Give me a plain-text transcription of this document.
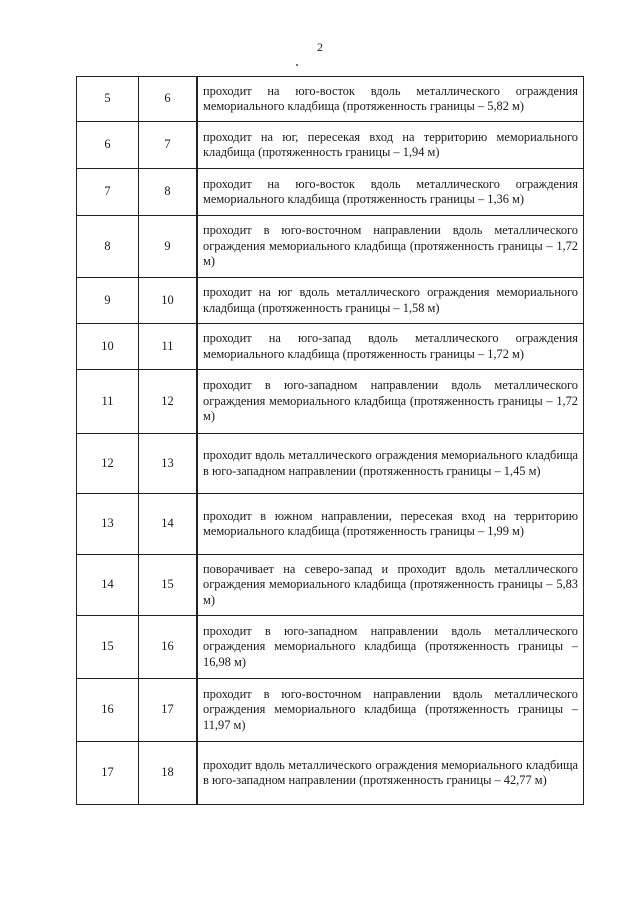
2
5	6	проходит на юго-восток вдоль металлического ограждения мемориального кладбища (протяженность границы – 5,82 м)
6	7	проходит на юг, пересекая вход на территорию мемориального кладбища (протяженность границы – 1,94 м)
7	8	проходит на юго-восток вдоль металлического ограждения мемориального кладбища (протяженность границы – 1,36 м)
8	9	проходит в юго-восточном направлении вдоль металлического ограждения мемориального кладбища (протяженность границы – 1,72 м)
9	10	проходит на юг вдоль металлического ограждения мемориального кладбища (протяженность границы – 1,58 м)
10	11	проходит на юго-запад вдоль металлического ограждения мемориального кладбища (протяженность границы – 1,72 м)
11	12	проходит в юго-западном направлении вдоль металлического ограждения мемориального кладбища (протяженность границы – 1,72 м)
12	13	проходит вдоль металлического ограждения мемориального кладбища в юго-западном направлении (протяженность границы – 1,45 м)
13	14	проходит в южном направлении, пересекая вход на территорию мемориального кладбища (протяженность границы – 1,99 м)
14	15	поворачивает на северо-запад и проходит вдоль металлического ограждения мемориального кладбища (протяженность границы – 5,83 м)
15	16	проходит в юго-западном направлении вдоль металлического ограждения мемориального кладбища (протяженность границы – 16,98 м)
16	17	проходит в юго-восточном направлении вдоль металлического ограждения мемориального кладбища (протяженность границы – 11,97 м)
17	18	проходит вдоль металлического ограждения мемориального кладбища в юго-западном направлении (протяженность границы – 42,77 м)
